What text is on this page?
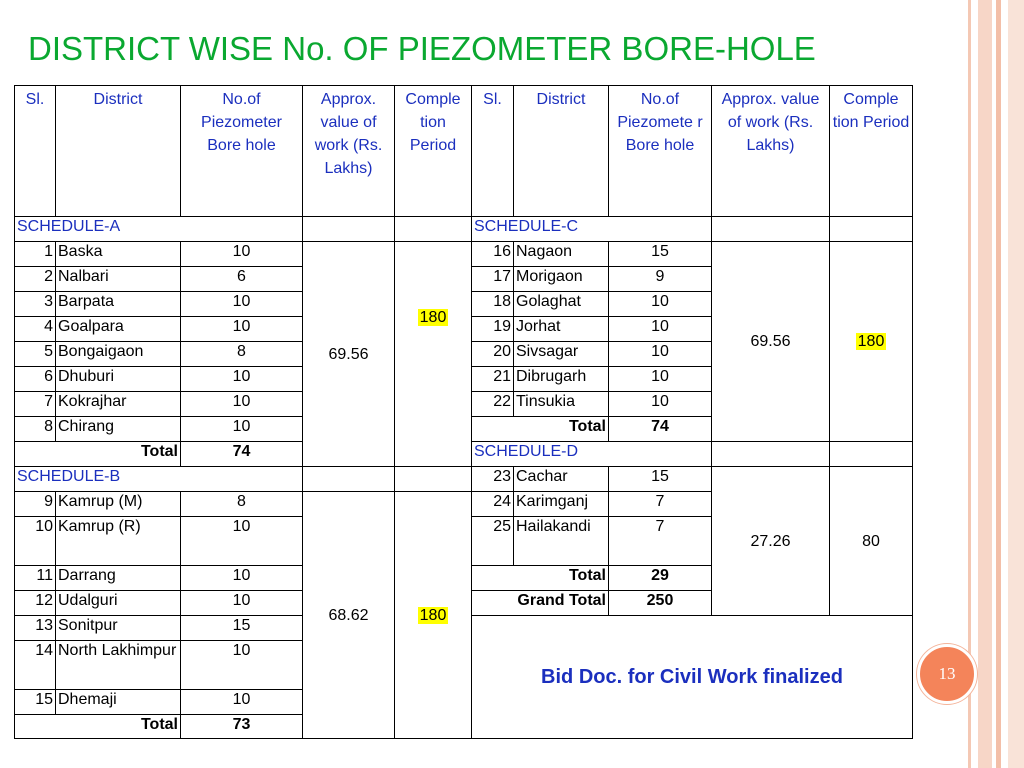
DISTRICT WISE No. OF PIEZOMETER BORE-HOLE
Sl.	District	No.of Piezometer Bore hole	Approx. value of work (Rs. Lakhs)	Comple tion Period	Sl.	District	No.of Piezomete r Bore hole	Approx. value of work (Rs. Lakhs)	Comple tion Period	
SCHEDULE-A					SCHEDULE-C					
1	Baska	10	69.56	180	16	Nagaon	15	69.56	180	
2	Nalbari	6			17	Morigaon	9			
3	Barpata	10			18	Golaghat	10			
4	Goalpara	10			19	Jorhat	10			
5	Bongaigaon	8			20	Sivsagar	10			
6	Dhuburi	10			21	Dibrugarh	10			
7	Kokrajhar	10			22	Tinsukia	10			
8	Chirang	10			Total		74			
Total		74			SCHEDULE-D					
SCHEDULE-B					23	Cachar	15	27.26	80	
9	Kamrup (M)	8	68.62	180	24	Karimganj	7			
10	Kamrup (R)	10			25	Hailakandi	7			
11	Darrang	10			Total		29			
12	Udalguri	10			Grand Total		250		
13	Sonitpur	15			Bid Doc. for Civil Work finalized					
14	North Lakhimpur	10								
15	Dhemaji	10								
Total		73								
13
